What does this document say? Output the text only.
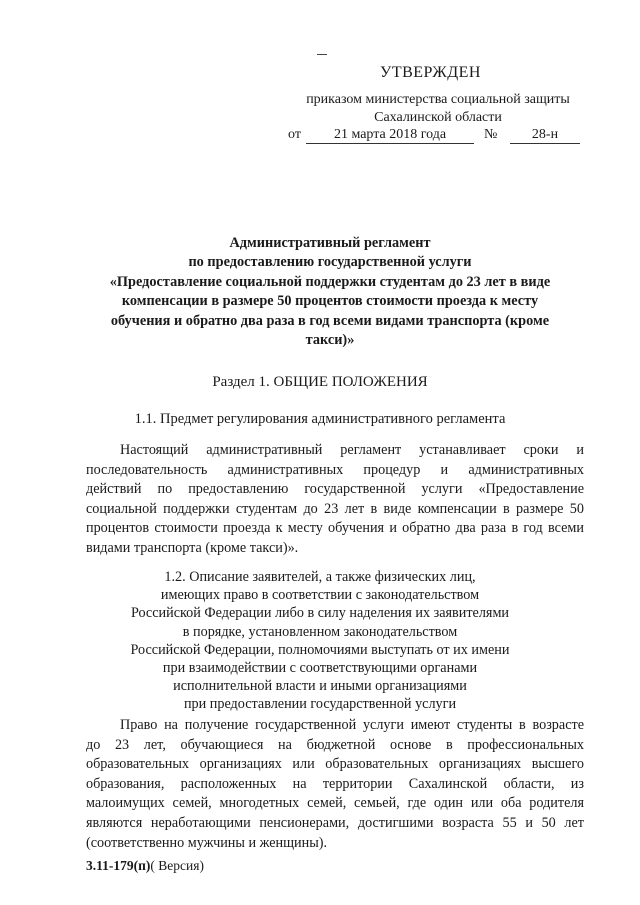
УТВЕРЖДЕН
приказом министерства социальной защиты
Сахалинской области
от	21 марта 2018 года	№	28-н
Административный регламент
по предоставлению государственной услуги
«Предоставление социальной поддержки студентам до 23 лет в виде
компенсации в размере 50 процентов стоимости проезда к месту
обучения и обратно два раза в год всеми видами транспорта (кроме
такси)»
Раздел 1. ОБЩИЕ ПОЛОЖЕНИЯ
1.1. Предмет регулирования административного регламента
Настоящий административный регламент устанавливает сроки и
последовательность административных процедур и административных
действий по предоставлению государственной услуги «Предоставление
социальной поддержки студентам до 23 лет в виде компенсации в размере 50
процентов стоимости проезда к месту обучения и обратно два раза в год всеми
видами транспорта (кроме такси)».
1.2. Описание заявителей, а также физических лиц,
имеющих право в соответствии с законодательством
Российской Федерации либо в силу наделения их заявителями
в порядке, установленном законодательством
Российской Федерации, полномочиями выступать от их имени
при взаимодействии с соответствующими органами
исполнительной власти и иными организациями
при предоставлении государственной услуги
Право на получение государственной услуги имеют студенты в возрасте
до 23 лет, обучающиеся на бюджетной основе в профессиональных
образовательных организациях или образовательных организациях высшего
образования, расположенных на территории Сахалинской области, из
малоимущих семей, многодетных семей, семьей, где один или оба родителя
являются неработающими пенсионерами, достигшими возраста 55 и 50 лет
(соответственно мужчины и женщины).
3.11-179(п)( Версия)
